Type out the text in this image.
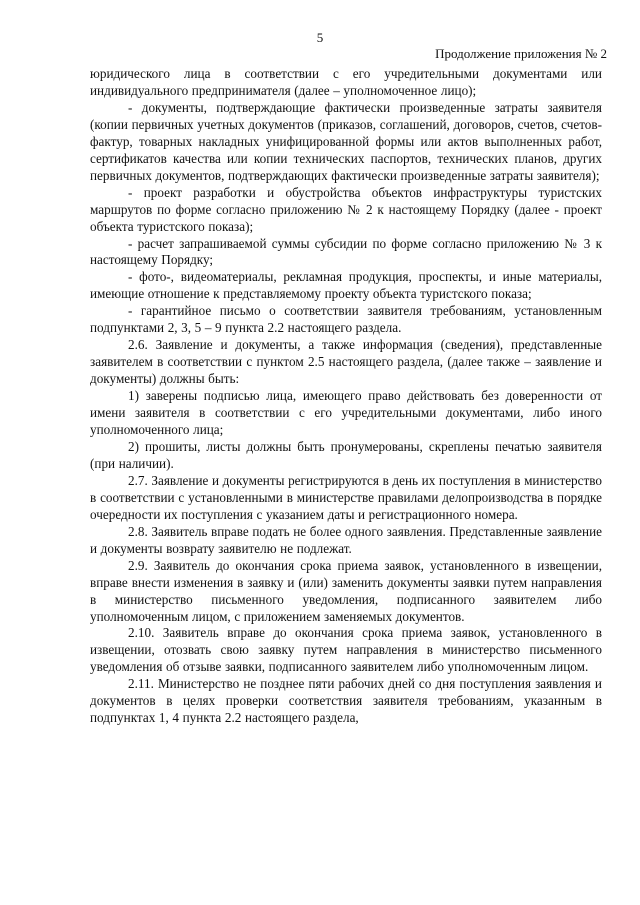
5
Продолжение приложения № 2

юридического лица в соответствии с его учредительными документами или индивидуального предпринимателя (далее – уполномоченное лицо);

- документы, подтверждающие фактически произведенные затраты заявителя (копии первичных учетных документов (приказов, соглашений, договоров, счетов, счетов-фактур, товарных накладных унифицированной формы или актов выполненных работ, сертификатов качества или копии технических паспортов, технических планов, других первичных документов, подтверждающих фактически произведенные затраты заявителя);

- проект разработки и обустройства объектов инфраструктуры туристских маршрутов по форме согласно приложению № 2 к настоящему Порядку (далее - проект объекта туристского показа);

- расчет запрашиваемой суммы субсидии по форме согласно приложению № 3 к настоящему Порядку;

- фото-, видеоматериалы, рекламная продукция, проспекты, и иные материалы, имеющие отношение к представляемому проекту объекта туристского показа;

- гарантийное письмо о соответствии заявителя требованиям, установленным подпунктами 2, 3, 5 – 9 пункта 2.2 настоящего раздела.

2.6. Заявление и документы, а также информация (сведения), представленные заявителем в соответствии с пунктом 2.5 настоящего раздела, (далее также – заявление и документы) должны быть:

1) заверены подписью лица, имеющего право действовать без доверенности от имени заявителя в соответствии с его учредительными документами, либо иного уполномоченного лица;

2) прошиты, листы должны быть пронумерованы, скреплены печатью заявителя (при наличии).

2.7. Заявление и документы регистрируются в день их поступления в министерство в соответствии с установленными в министерстве правилами делопроизводства в порядке очередности их поступления с указанием даты и регистрационного номера.

2.8. Заявитель вправе подать не более одного заявления. Представленные заявление и документы возврату заявителю не подлежат.

2.9. Заявитель до окончания срока приема заявок, установленного в извещении, вправе внести изменения в заявку и (или) заменить документы заявки путем направления в министерство письменного уведомления, подписанного заявителем либо уполномоченным лицом, с приложением заменяемых документов.

2.10. Заявитель вправе до окончания срока приема заявок, установленного в извещении, отозвать свою заявку путем направления в министерство письменного уведомления об отзыве заявки, подписанного заявителем либо уполномоченным лицом.

2.11. Министерство не позднее пяти рабочих дней со дня поступления заявления и документов в целях проверки соответствия заявителя требованиям, указанным в подпунктах 1, 4 пункта 2.2 настоящего раздела,
